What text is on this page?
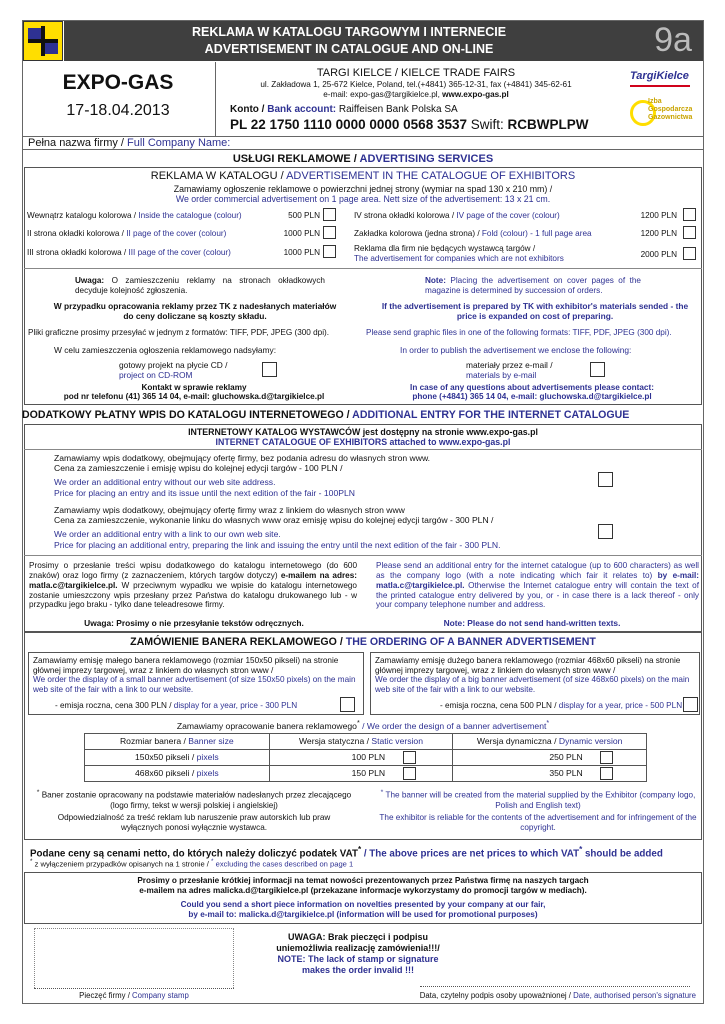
REKLAMA W KATALOGU TARGOWYM I INTERNECIE
ADVERTISEMENT IN CATALOGUE AND ON-LINE	9a
EXPO-GAS
17-18.04.2013
TARGI KIELCE / KIELCE TRADE FAIRS
ul. Zakładowa 1, 25-672 Kielce, Poland, tel.(+4841) 365-12-31, fax (+4841) 345-62-61
e-mail: expo-gas@targikielce.pl, www.expo-gas.pl
Konto / Bank account: Raiffeisen Bank Polska SA
PL 22 1750 1110 0000 0000 0568 3537 Swift: RCBWPLPW
TargiKielce
Izba Gospodarcza Gazownictwa
Pełna nazwa firmy / Full Company Name:
USŁUGI REKLAMOWE / ADVERTISING SERVICES
REKLAMA W KATALOGU / ADVERTISEMENT IN THE CATALOGUE OF EXHIBITORS
Zamawiamy ogłoszenie reklamowe o powierzchni jednej strony (wymiar na spad 130 x 210 mm) /
We order commercial advertisement on 1 page area. Nett size of the advertisement: 13 x 21 cm.
Wewnątrz katalogu kolorowa / Inside the catalogue (colour)	500 PLN
II strona okładki kolorowa / II page of the cover (colour)	1000 PLN
III strona okładki kolorowa / III page of the cover (colour)	1000 PLN
IV strona okładki kolorowa / IV page of the cover (colour)	1200 PLN
Zakładka kolorowa (jedna strona) / Fold (colour) - 1 full page area	1200 PLN
Reklama dla firm nie będących wystawcą targów /
The advertisement for companies which are not exhibitors	2000 PLN
Uwaga: O zamieszczeniu reklamy na stronach okładkowych decyduje kolejność zgłoszenia.
Note: Placing the advertisement on cover pages of the magazine is determined by succession of orders.
W przypadku opracowania reklamy przez TK z nadesłanych materiałów do ceny doliczane są koszty składu.
If the advertisement is prepared by TK with exhibitor's materials sended - the price is expanded on cost of preparing.
Pliki graficzne prosimy przesyłać w jednym z formatów: TIFF, PDF, JPEG (300 dpi).	Please send graphic files in one of the following formats: TIFF, PDF, JPEG (300 dpi).
W celu zamieszczenia ogłoszenia reklamowego nadsyłamy:	In order to publish the advertisement we enclose the following:
gotowy projekt na płycie CD /
project on CD-ROM
materiały przez e-mail /
materials by e-mail
Kontakt w sprawie reklamy
pod nr telefonu (41) 365 14 04, e-mail: gluchowska.d@targikielce.pl
In case of any questions about advertisements please contact:
phone (+4841) 365 14 04, e-mail: gluchowska.d@targikielce.pl
DODATKOWY PŁATNY WPIS DO KATALOGU INTERNETOWEGO / ADDITIONAL ENTRY FOR THE INTERNET CATALOGUE
INTERNETOWY KATALOG WYSTAWCÓW jest dostępny na stronie www.expo-gas.pl
INTERNET CATALOGUE OF EXHIBITORS attached to www.expo-gas.pl
Zamawiamy wpis dodatkowy, obejmujący ofertę firmy, bez podania adresu do własnych stron www.
Cena za zamieszczenie i emisję wpisu do kolejnej edycji targów - 100 PLN /
We order an additional entry without our web site address.
Price for placing an entry and its issue until the next edition of the fair - 100PLN
Zamawiamy wpis dodatkowy, obejmujący ofertę firmy wraz z linkiem do własnych stron www
Cena za zamieszczenie, wykonanie linku do własnych www oraz emisję wpisu do kolejnej edycji targów - 300 PLN /
We order an additional entry with a link to our own web site.
Price for placing an additional entry, preparing the link and issuing the entry until the next edition of the fair - 300 PLN.
Prosimy o przesłanie treści wpisu dodatkowego do katalogu internetowego (do 600 znaków) oraz logo firmy (z zaznaczeniem, których targów dotyczy) e-mailem na adres: matla.c@targikielce.pl. W przeciwnym wypadku we wpisie do katalogu internetowego zostanie umieszczony wpis przesłany przez Państwa do katalogu drukowanego lub - w przypadku jego braku - tylko dane teleadresowe firmy.
Please send an additional entry for the internet catalogue (up to 600 characters) as well as the company logo (with a note indicating which fair it relates to) by e-mail: matla.c@targikielce.pl. Otherwise the Internet catalogue entry will contain the text of the printed catalogue entry delivered by you, or - in case there is a lack thereof - only your company telephone number and address.
Uwaga: Prosimy o nie przesyłanie tekstów odręcznych.	Note: Please do not send hand-written texts.
ZAMÓWIENIE BANERA REKLAMOWEGO / THE ORDERING OF A BANNER ADVERTISEMENT
Zamawiamy emisję małego banera reklamowego (rozmiar 150x50 pikseli) na stronie głównej imprezy targowej, wraz z linkiem do własnych stron www /
We order the display of a small banner advertisement (of size 150x50 pixels) on the main web site of the fair with a link to our website.
- emisja roczna, cena 300 PLN / display for a year, price - 300 PLN
Zamawiamy emisję dużego banera reklamowego (rozmiar 468x60 pikseli) na stronie głównej imprezy targowej, wraz z linkiem do własnych stron www /
We order the display of a big banner advertisement (of size 468x60 pixels) on the main web site of the fair with a link to our website.
- emisja roczna, cena 500 PLN / display for a year, price - 500 PLN
Zamawiamy opracowanie banera reklamowego* / We order the design of a banner advertisement*
Rozmiar banera / Banner size	Wersja statyczna / Static version	Wersja dynamiczna / Dynamic version
150x50 pikseli / pixels	100 PLN	250 PLN

468x60 pikseli / pixels	150 PLN	350 PLN
* Baner zostanie opracowany na podstawie materiałów nadesłanych przez zlecającego (logo firmy, tekst w wersji polskiej i angielskiej)
* The banner will be created from the material supplied by the Exhibitor (company logo, Polish and English text)
Odpowiedzialność za treść reklam lub naruszenie praw autorskich lub praw wyłącznych ponosi wyłącznie wystawca.
The exhibitor is reliable for the contents of the advertisement and for infringement of the copyright.
Podane ceny są cenami netto, do których należy doliczyć podatek VAT* / The above prices are net prices to which VAT* should be added
* z wyłączeniem przypadków opisanych na 1 stronie / * excluding the cases described on page 1
Prosimy o przesłanie krótkiej informacji na temat nowości prezentowanych przez Państwa firmę na naszych targach
e-mailem na adres malicka.d@targikielce.pl (przekazane informacje wykorzystamy do promocji targów w mediach).
Could you send a short piece information on novelties presented by your company at our fair,
by e-mail to: malicka.d@targikielce.pl (information will be used for promotional purposes)
Pieczęć firmy / Company stamp
UWAGA: Brak pieczęci i podpisu
uniemożliwia realizację zamówienia!!!/
NOTE: The lack of stamp or signature
makes the order invalid !!!
Data, czytelny podpis osoby upoważnionej / Date, authorised person's signature
